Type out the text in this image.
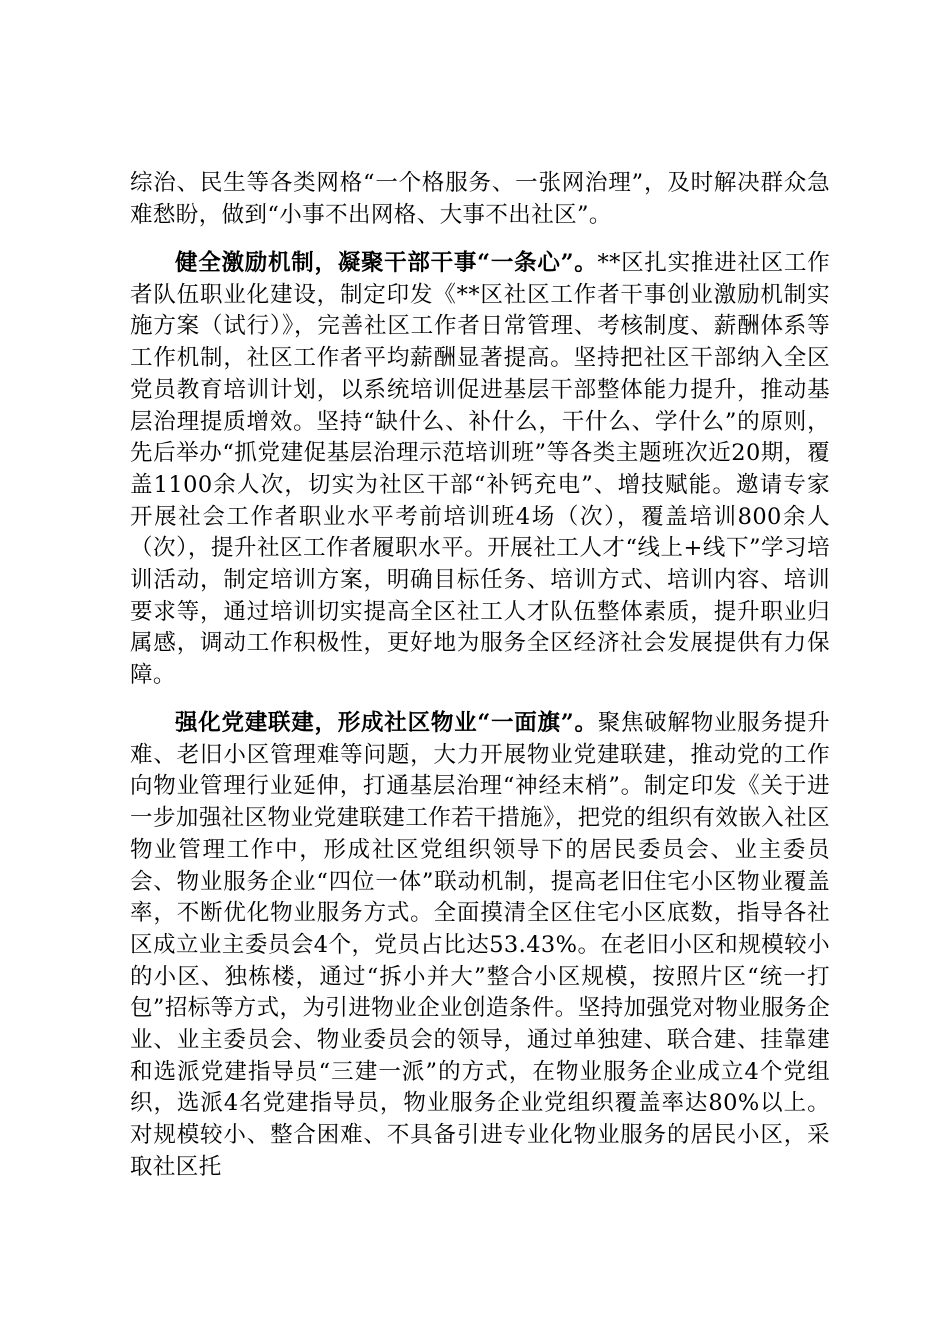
综治、民生等各类网格“一个格服务、一张网治理”，及时解决群众急难愁盼，做到“小事不出网格、大事不出社区”。

健全激励机制，凝聚干部干事“一条心”。**区扎实推进社区工作者队伍职业化建设，制定印发《**区社区工作者干事创业激励机制实施方案（试行）》，完善社区工作者日常管理、考核制度、薪酬体系等工作机制，社区工作者平均薪酬显著提高。坚持把社区干部纳入全区党员教育培训计划，以系统培训促进基层干部整体能力提升，推动基层治理提质增效。坚持“缺什么、补什么，干什么、学什么”的原则，先后举办“抓党建促基层治理示范培训班”等各类主题班次近20期，覆盖1100余人次，切实为社区干部“补钙充电”、增技赋能。邀请专家开展社会工作者职业水平考前培训班4场（次），覆盖培训800余人（次），提升社区工作者履职水平。开展社工人才“线上+线下”学习培训活动，制定培训方案，明确目标任务、培训方式、培训内容、培训要求等，通过培训切实提高全区社工人才队伍整体素质，提升职业归属感，调动工作积极性，更好地为服务全区经济社会发展提供有力保障。

强化党建联建，形成社区物业“一面旗”。聚焦破解物业服务提升难、老旧小区管理难等问题，大力开展物业党建联建，推动党的工作向物业管理行业延伸，打通基层治理“神经末梢”。制定印发《关于进一步加强社区物业党建联建工作若干措施》，把党的组织有效嵌入社区物业管理工作中，形成社区党组织领导下的居民委员会、业主委员会、物业服务企业“四位一体”联动机制，提高老旧住宅小区物业覆盖率，不断优化物业服务方式。全面摸清全区住宅小区底数，指导各社区成立业主委员会4个，党员占比达53.43%。在老旧小区和规模较小的小区、独栋楼，通过“拆小并大”整合小区规模，按照片区“统一打包”招标等方式，为引进物业企业创造条件。坚持加强党对物业服务企业、业主委员会、物业委员会的领导，通过单独建、联合建、挂靠建和选派党建指导员“三建一派”的方式，在物业服务企业成立4个党组织，选派4名党建指导员，物业服务企业党组织覆盖率达80%以上。对规模较小、整合困难、不具备引进专业化物业服务的居民小区，采取社区托
